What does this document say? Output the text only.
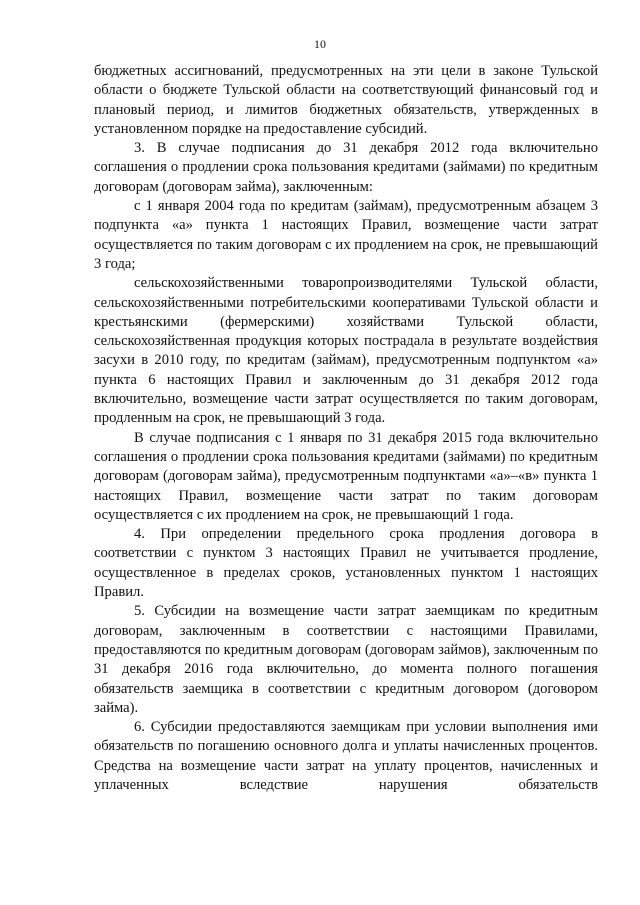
10

бюджетных ассигнований, предусмотренных на эти цели в законе Тульской области о бюджете Тульской области на соответствующий финансовый год и плановый период, и лимитов бюджетных обязательств, утвержденных в установленном порядке на предоставление субсидий.

3. В случае подписания до 31 декабря 2012 года включительно соглашения о продлении срока пользования кредитами (займами) по кредитным договорам (договорам займа), заключенным:

с 1 января 2004 года по кредитам (займам), предусмотренным абзацем 3 подпункта «а» пункта 1 настоящих Правил, возмещение части затрат осуществляется по таким договорам с их продлением на срок, не превышающий 3 года;

сельскохозяйственными товаропроизводителями Тульской области, сельскохозяйственными потребительскими кооперативами Тульской области и крестьянскими (фермерскими) хозяйствами Тульской области, сельскохозяйственная продукция которых пострадала в результате воздействия засухи в 2010 году, по кредитам (займам), предусмотренным подпунктом «а» пункта 6 настоящих Правил и заключенным до 31 декабря 2012 года включительно, возмещение части затрат осуществляется по таким договорам, продленным на срок, не превышающий 3 года.

В случае подписания с 1 января по 31 декабря 2015 года включительно соглашения о продлении срока пользования кредитами (займами) по кредитным договорам (договорам займа), предусмотренным подпунктами «а»–«в» пункта 1 настоящих Правил, возмещение части затрат по таким договорам осуществляется с их продлением на срок, не превышающий 1 года.

4. При определении предельного срока продления договора в соответствии с пунктом 3 настоящих Правил не учитывается продление, осуществленное в пределах сроков, установленных пунктом 1 настоящих Правил.

5. Субсидии на возмещение части затрат заемщикам по кредитным договорам, заключенным в соответствии с настоящими Правилами, предоставляются по кредитным договорам (договорам займов), заключенным по 31 декабря 2016 года включительно, до момента полного погашения обязательств заемщика в соответствии с кредитным договором (договором займа).

6. Субсидии предоставляются заемщикам при условии выполнения ими обязательств по погашению основного долга и уплаты начисленных процентов. Средства на возмещение части затрат на уплату процентов, начисленных и уплаченных вследствие нарушения обязательств
